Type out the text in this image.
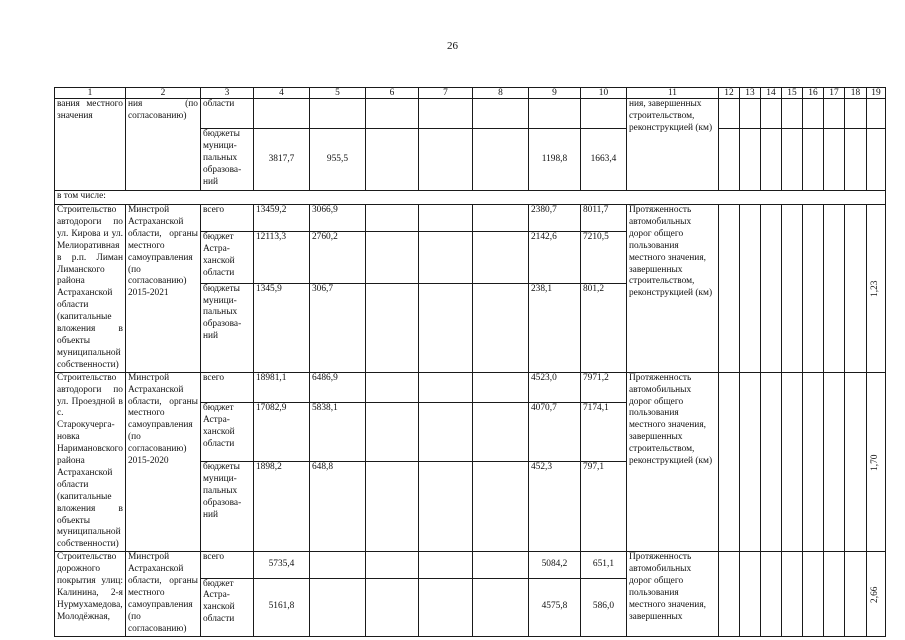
26
1	2	3	4	5	6	7	8	9	10	11	12	13	14	15	16	17	18	19
вания местного значения	ния (по согласованию)	области								ния, завершенных строительством, реконструкцией (км)								
		бюджеты муници-
пальных
образова-
ний	3817,7	955,5				1198,8	1663,4									
в том числе:																		
Строительство автодороги по ул. Кирова и ул. Мелиоративная в р.п. Лиман Лиманского района Астраханской области (капитальные вложения в объекты муниципальной собственности)	Минстрой Астраханской области, органы местного самоуправления (по согласованию) 2015-2021	всего	13459,2	3066,9				2380,7	8011,7	Протяженность автомобильных дорог общего пользования местного значения, завершенных строительством, реконструкцией (км)								1,23

		бюджет Астра-
ханской
области	12113,3	2760,2				2142,6	7210,5									
		бюджеты муници-
пальных
образова-
ний	1345,9	306,7				238,1	801,2									
Строительство автодороги по ул. Проездной в с. Старокучерга-новка Наримановского района Астраханской области (капитальные вложения в объекты муниципальной собственности)	Минстрой Астраханской области, органы местного самоуправления (по согласованию) 2015-2020	всего	18981,1	6486,9				4523,0	7971,2	Протяженность автомобильных дорог общего пользования местного значения, завершенных строительством, реконструкцией (км)								1,70

		бюджет Астра-
ханской
области	17082,9	5838,1				4070,7	7174,1									
		бюджеты муници-
пальных
образова-
ний	1898,2	648,8				452,3	797,1									
Строительство дорожного покрытия улиц: Калинина, 2-я Нурмухамедова, Молодёжная,	Минстрой Астраханской области, органы местного самоуправления (по согласованию)	всего	5735,4					5084,2	651,1	Протяженность автомобильных дорог общего пользования местного значения, завершенных								2,66

		бюджет Астра-
ханской
области	5161,8					4575,8	586,0									
